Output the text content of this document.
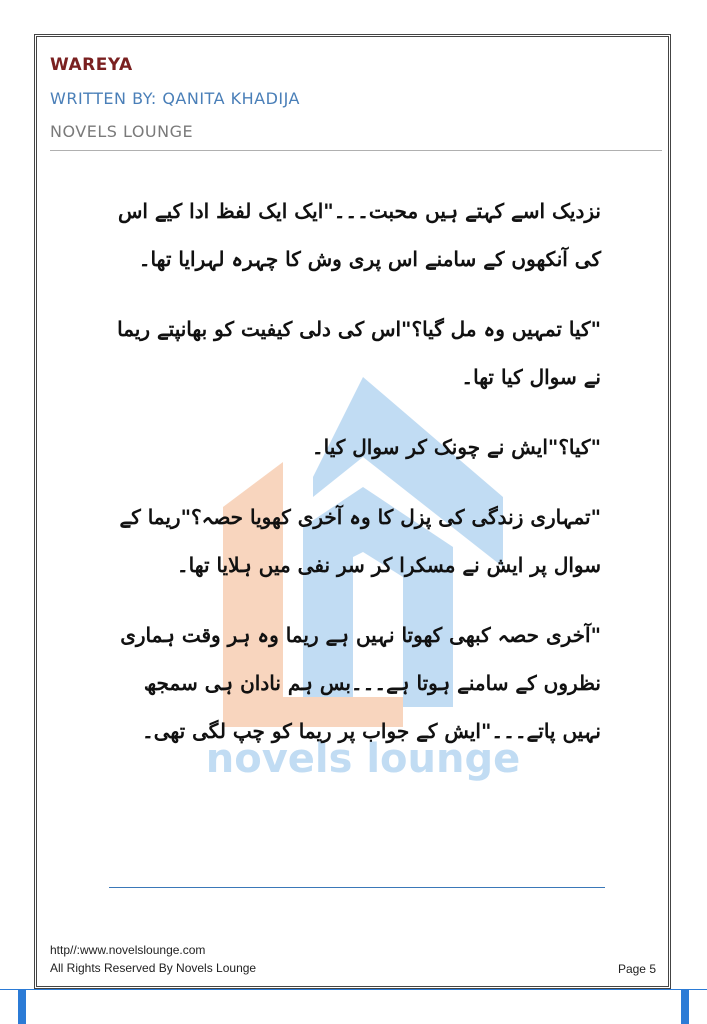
WAREYA
WRITTEN BY: QANITA KHADIJA
NOVELS LOUNGE
novels lounge

نزدیک اسے کہتے ہیں محبت۔۔۔"ایک ایک لفظ ادا کیے اس کی آنکھوں کے سامنے اس پری وش کا چہرہ لہرایا تھا۔

"کیا تمہیں وہ مل گیا؟"اس کی دلی کیفیت کو بھانپتے ریما نے سوال کیا تھا۔

"کیا؟"ایش نے چونک کر سوال کیا۔

"تمہاری زندگی کی پزل کا وہ آخری کھویا حصہ؟"ریما کے سوال پر ایش نے مسکرا کر سر نفی میں ہلایا تھا۔

"آخری حصہ کبھی کھوتا نہیں ہے ریما وہ ہر وقت ہماری نظروں کے سامنے ہوتا ہے۔۔۔بس ہم نادان ہی سمجھ نہیں پاتے۔۔۔"ایش کے جواب پر ریما کو چپ لگی تھی۔

http//:www.novelslounge.com
All Rights Reserved By Novels Lounge	Page 5
